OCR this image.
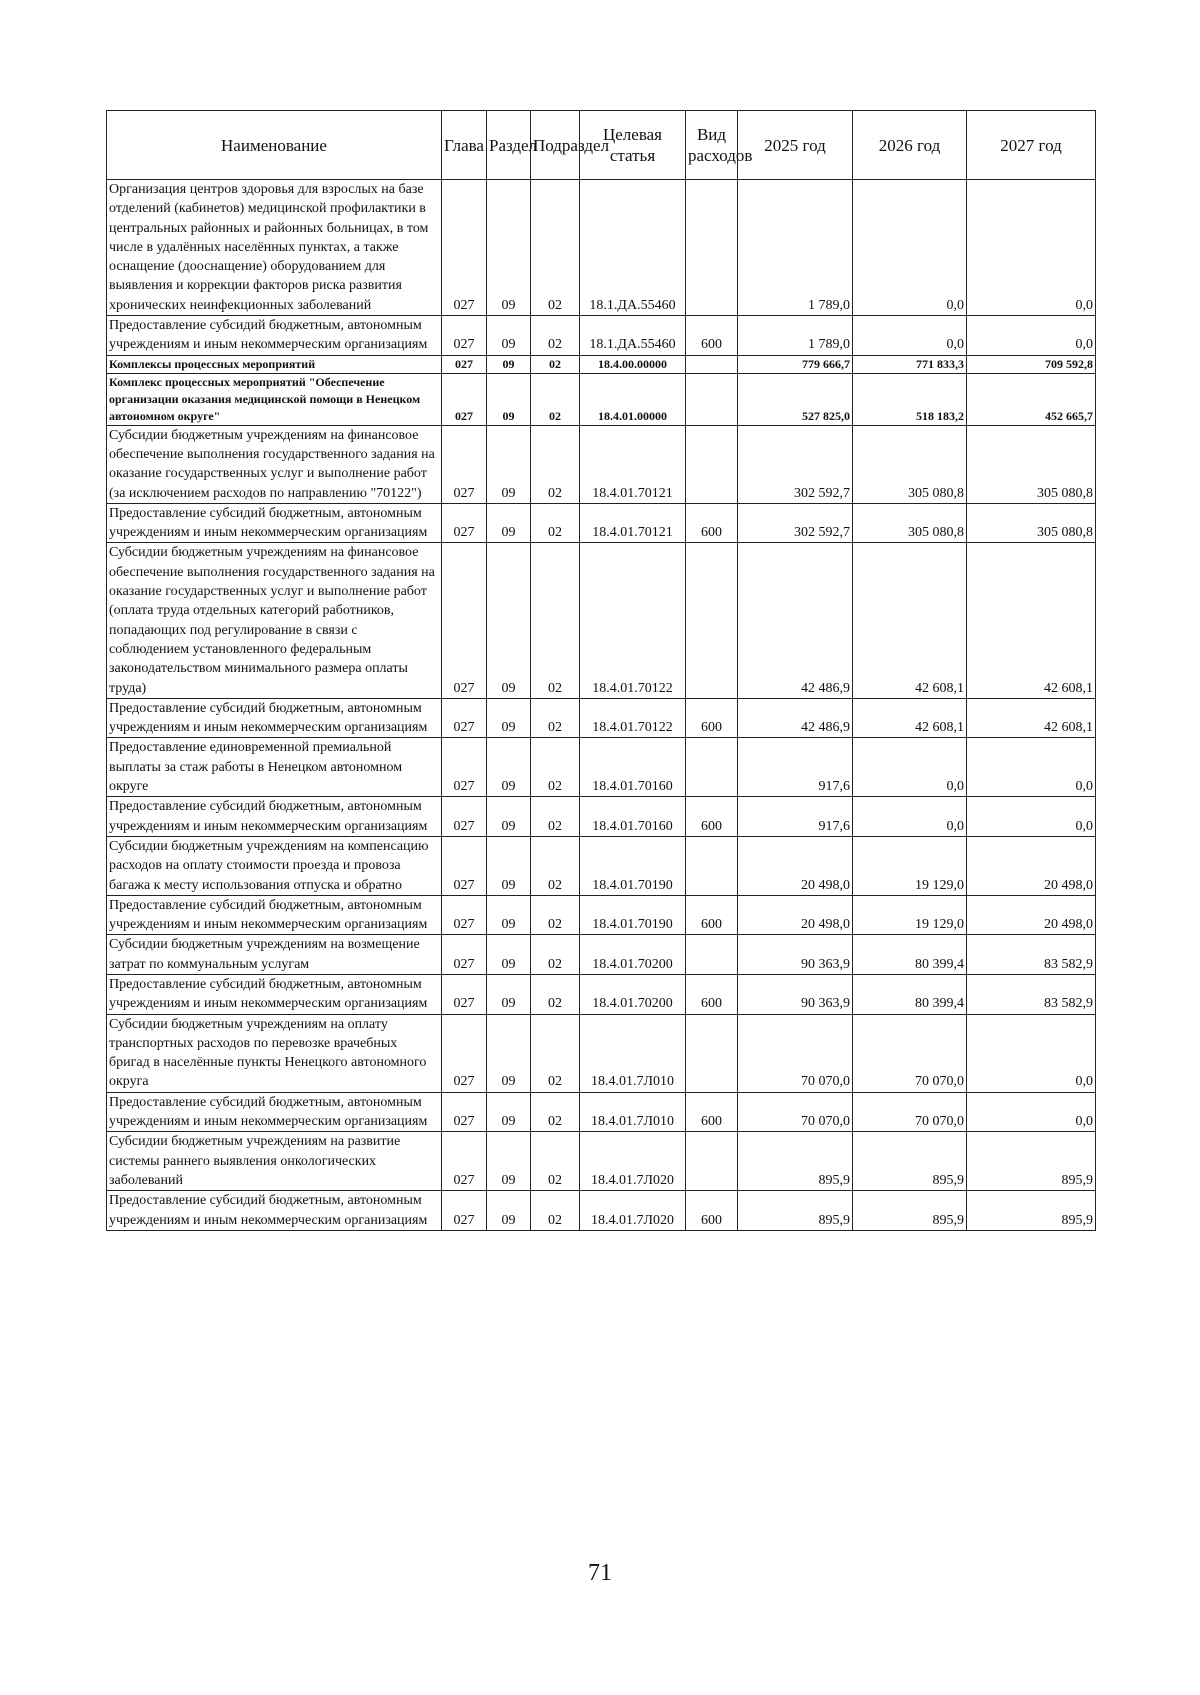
Наименование	Глава	Раздел	Подраздел	Целевая статья	Вид расходов	2025 год	2026 год	2027 год
Организация центров здоровья для взрослых на базе отделений (кабинетов) медицинской профилактики в центральных районных и районных больницах, в том числе в удалённых населённых пунктах, а также оснащение (дооснащение) оборудованием для выявления и коррекции факторов риска развития хронических неинфекционных заболеваний	027	09	02	18.1.ДА.55460		1 789,0	0,0	0,0
Предоставление субсидий бюджетным, автономным учреждениям и иным некоммерческим организациям	027	09	02	18.1.ДА.55460	600	1 789,0	0,0	0,0
Комплексы процессных мероприятий	027	09	02	18.4.00.00000		779 666,7	771 833,3	709 592,8
Комплекс процессных мероприятий "Обеспечение организации оказания медицинской помощи в Ненецком автономном округе"	027	09	02	18.4.01.00000		527 825,0	518 183,2	452 665,7
Субсидии бюджетным учреждениям на финансовое обеспечение выполнения государственного задания на оказание государственных услуг и выполнение работ (за исключением расходов по направлению "70122")	027	09	02	18.4.01.70121		302 592,7	305 080,8	305 080,8
Предоставление субсидий бюджетным, автономным учреждениям и иным некоммерческим организациям	027	09	02	18.4.01.70121	600	302 592,7	305 080,8	305 080,8
Субсидии бюджетным учреждениям на финансовое обеспечение выполнения государственного задания на оказание государственных услуг и выполнение работ (оплата труда отдельных категорий работников, попадающих под регулирование в связи с соблюдением установленного федеральным законодательством минимального размера оплаты труда)	027	09	02	18.4.01.70122		42 486,9	42 608,1	42 608,1
Предоставление субсидий бюджетным, автономным учреждениям и иным некоммерческим организациям	027	09	02	18.4.01.70122	600	42 486,9	42 608,1	42 608,1
Предоставление единовременной премиальной выплаты за стаж работы в Ненецком автономном округе	027	09	02	18.4.01.70160		917,6	0,0	0,0
Предоставление субсидий бюджетным, автономным учреждениям и иным некоммерческим организациям	027	09	02	18.4.01.70160	600	917,6	0,0	0,0
Субсидии бюджетным учреждениям на компенсацию расходов на оплату стоимости проезда и провоза багажа к месту использования отпуска и обратно	027	09	02	18.4.01.70190		20 498,0	19 129,0	20 498,0
Предоставление субсидий бюджетным, автономным учреждениям и иным некоммерческим организациям	027	09	02	18.4.01.70190	600	20 498,0	19 129,0	20 498,0
Субсидии бюджетным учреждениям на возмещение затрат по коммунальным услугам	027	09	02	18.4.01.70200		90 363,9	80 399,4	83 582,9
Предоставление субсидий бюджетным, автономным учреждениям и иным некоммерческим организациям	027	09	02	18.4.01.70200	600	90 363,9	80 399,4	83 582,9
Субсидии бюджетным учреждениям на оплату транспортных расходов по перевозке врачебных бригад в населённые пункты Ненецкого автономного округа	027	09	02	18.4.01.7Л010		70 070,0	70 070,0	0,0
Предоставление субсидий бюджетным, автономным учреждениям и иным некоммерческим организациям	027	09	02	18.4.01.7Л010	600	70 070,0	70 070,0	0,0
Субсидии бюджетным учреждениям на развитие системы раннего выявления онкологических заболеваний	027	09	02	18.4.01.7Л020		895,9	895,9	895,9
Предоставление субсидий бюджетным, автономным учреждениям и иным некоммерческим организациям	027	09	02	18.4.01.7Л020	600	895,9	895,9	895,9
71
